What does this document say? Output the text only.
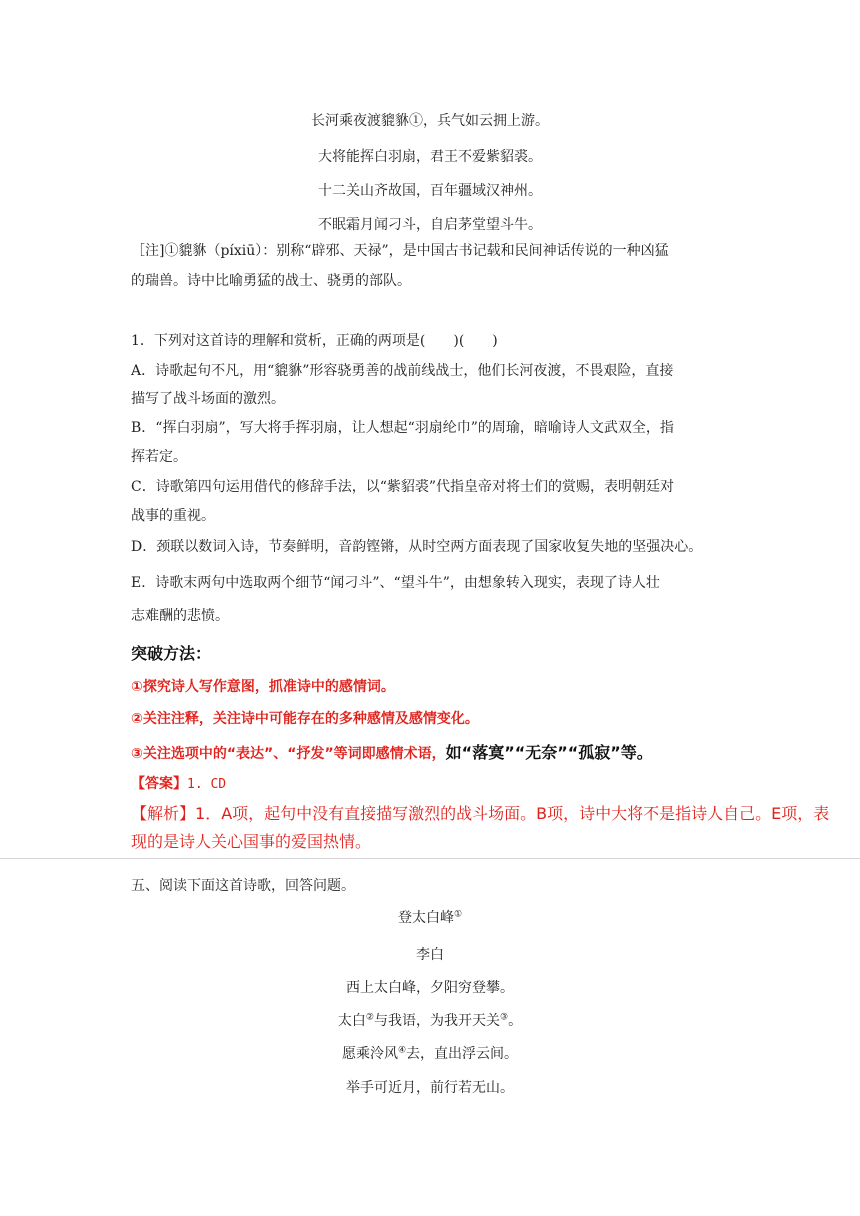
长河乘夜渡貔貅①，兵气如云拥上游。
大将能挥白羽扇，君王不爱紫貂裘。
十二关山齐故国，百年疆域汉神州。
不眠霜月闻刁斗，自启茅堂望斗牛。
［注]①貔貅（píxiū）：别称“辟邪、天禄”，是中国古书记载和民间神话传说的一种凶猛
的瑞兽。诗中比喻勇猛的战士、骁勇的部队。
1．下列对这首诗的理解和赏析，正确的两项是(　　)(　　)
A．诗歌起句不凡，用“貔貅”形容骁勇善的战前线战士，他们长河夜渡，不畏艰险，直接
描写了战斗场面的激烈。
B．“挥白羽扇”，写大将手挥羽扇，让人想起“羽扇纶巾”的周瑜，暗喻诗人文武双全，指
挥若定。
C．诗歌第四句运用借代的修辞手法，以“紫貂裘”代指皇帝对将士们的赏赐，表明朝廷对
战事的重视。
D．颈联以数词入诗，节奏鲜明，音韵铿锵，从时空两方面表现了国家收复失地的坚强决心。
E．诗歌末两句中选取两个细节“闻刁斗”、“望斗牛”，由想象转入现实，表现了诗人壮
志难酬的悲愤。
突破方法：
①探究诗人写作意图，抓准诗中的感情词。
②关注注释，关注诗中可能存在的多种感情及感情变化。
③关注选项中的“表达”、“抒发”等词即感情术语，如“落寞”“无奈”“孤寂”等。
【答案】1. CD
【解析】1．A项，起句中没有直接描写激烈的战斗场面。B项，诗中大将不是指诗人自己。E项，表现的是诗人关心国事的爱国热情。
五、阅读下面这首诗歌，回答问题。
登太白峰①
李白
西上太白峰，夕阳穷登攀。
太白②与我语，为我开天关③。
愿乘泠风④去，直出浮云间。
举手可近月，前行若无山。
